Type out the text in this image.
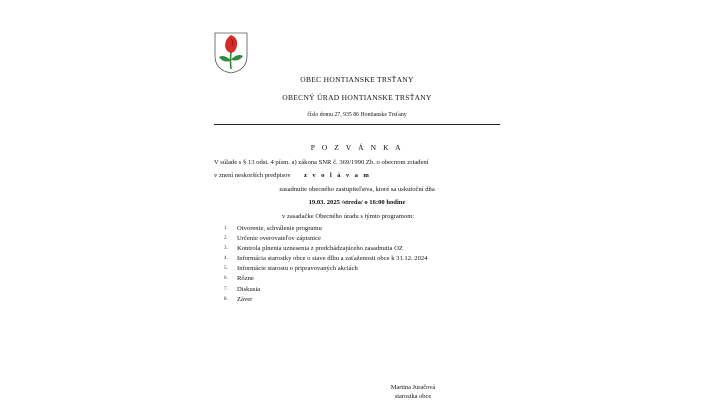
OBEC HONTIANSKE TRSŤANY
OBECNÝ ÚRAD HONTIANSKE TRSŤANY
číslo domu 27, 935 86 Hontianske Trsťany
P O Z V Á N K A
V súlade s § 13 odst. 4 písm. a) zákona SNR č. 369/1990 Zb. o obecnom zriadení
v znení neskorších predpisov z v o l á v a m
zasadnutie obecného zastupiteľstva, ktoré sa uskutoční dňa
19.03. 2025 /streda/ o 16:00 hodine
v zasadačke Obecného úradu s týmto programom:
1.	Otvorenie, schválenie programu
2.	Určenie overovateľov zápisnice
3.	Kontrola plnenia uznesenia z predchádzajúceho zasadnutia OZ
4.	Informácia starostky obce o stave dlhu a zaťaženosti obce k 31.12. 2024
5.	Informácie starostu o pripravovaných akciách
6.	Rôzne
7.	Diskusia
8.	Záver
Martina Juračová
starostka obce
